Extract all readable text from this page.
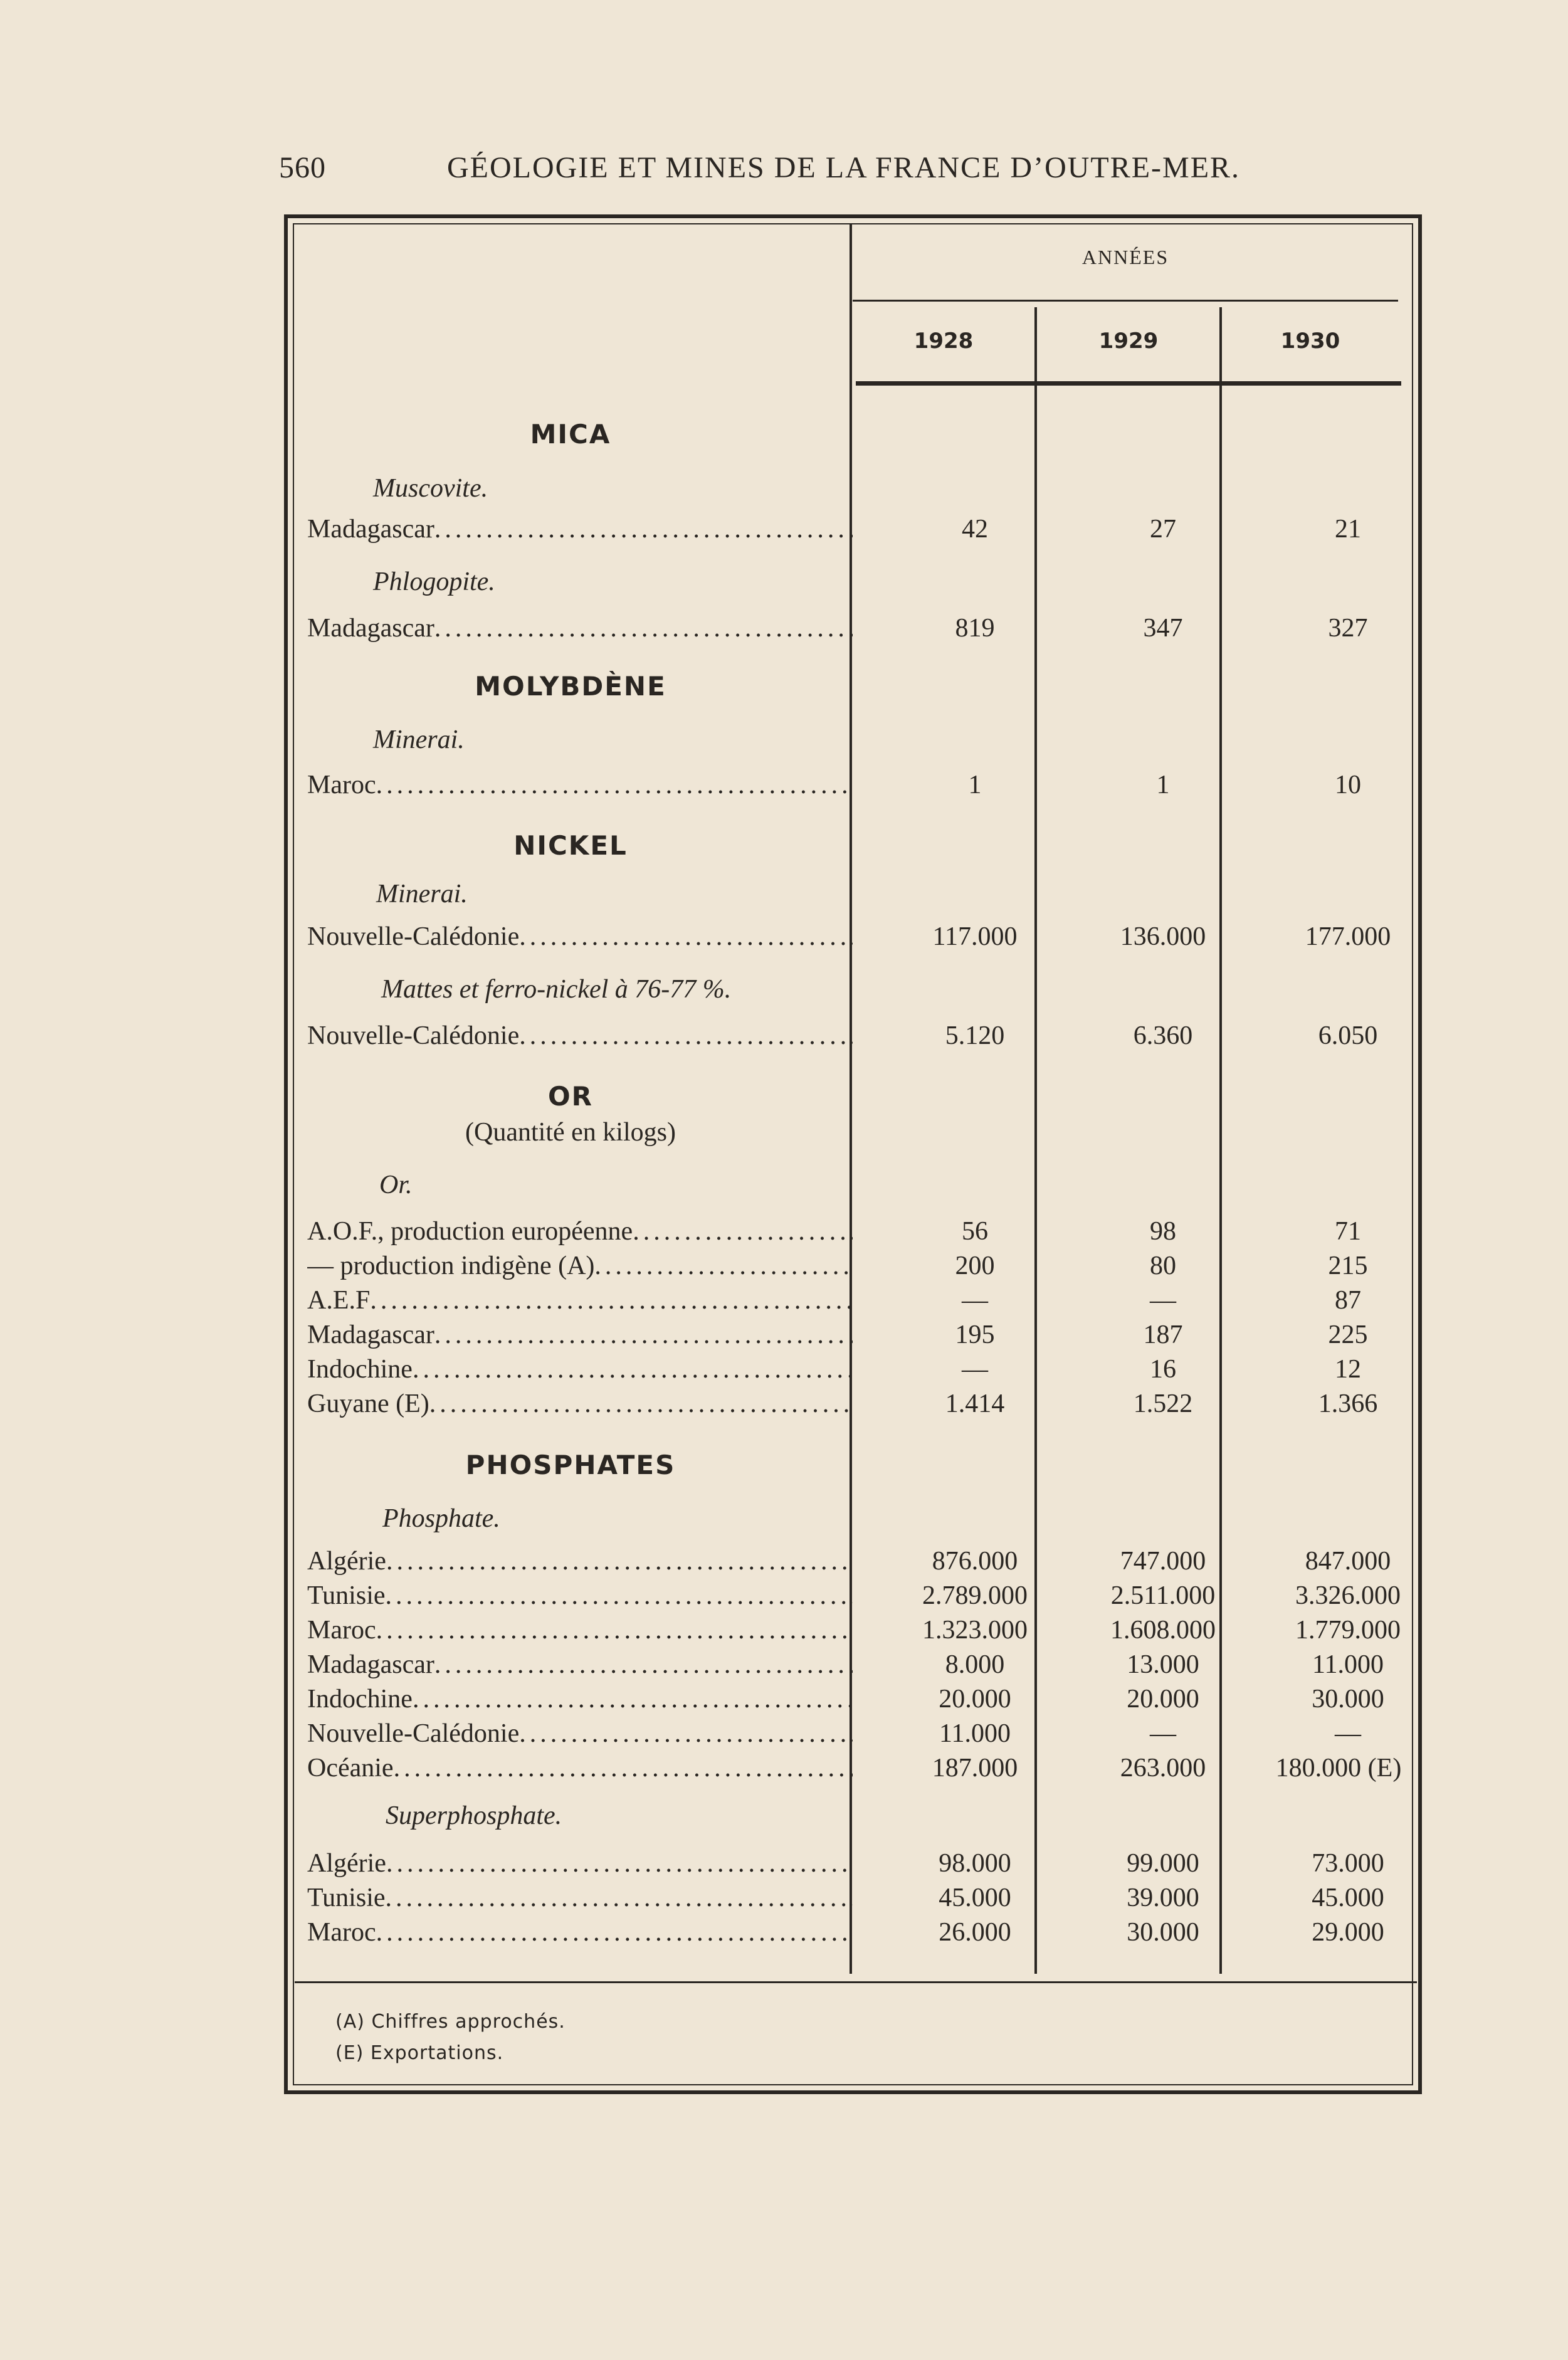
560	GÉOLOGIE ET MINES DE LA FRANCE D’OUTRE-MER.
ANNÉES
1928	1929	1930
MICA
Muscovite.
Madagascar .....	42	27	21
Phlogopite.
Madagascar .....	819	347	327
MOLYBDÈNE
Minerai.
Maroc .....	1	1	10
NICKEL
Minerai.
Nouvelle-Calédonie .....	117.000	136.000	177.000
Mattes et ferro-nickel à 76-77 %.
Nouvelle-Calédonie .....	5.120	6.360	6.050
OR
(Quantité en kilogs)
Or.
A.O.F., production européenne .....	56	98	71
— production indigène (A) .....	200	80	215
A.E.F .....	—	—	87
Madagascar .....	195	187	225
Indochine .....	—	16	12
Guyane (E) .....	1.414	1.522	1.366
PHOSPHATES
Phosphate.
Algérie .....	876.000	747.000	847.000
Tunisie .....	2.789.000	2.511.000	3.326.000
Maroc .....	1.323.000	1.608.000	1.779.000
Madagascar .....	8.000	13.000	11.000
Indochine .....	20.000	20.000	30.000
Nouvelle-Calédonie .....	11.000	—	—
Océanie .....	187.000	263.000	180.000 (E)
Superphosphate.
Algérie .....	98.000	99.000	73.000
Tunisie .....	45.000	39.000	45.000
Maroc .....	26.000	30.000	29.000
(A) Chiffres approchés.
(E) Exportations.
